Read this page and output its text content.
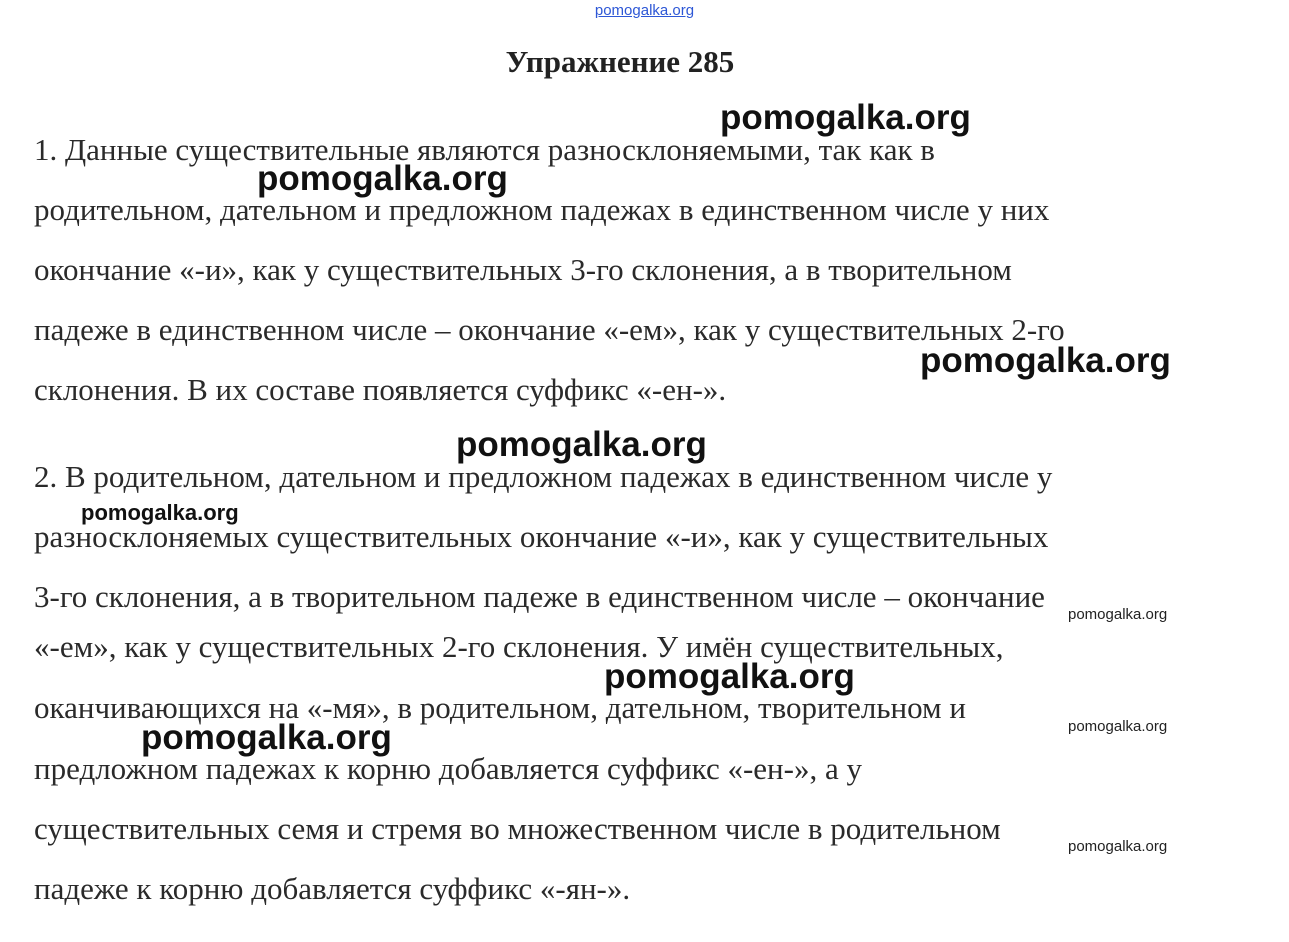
pomogalka.org
Упражнение 285
1. Данные существительные являются разносклоняемыми, так как в
родительном, дательном и предложном падежах в единственном числе у них
окончание «-и», как у существительных 3-го склонения, а в творительном
падеже в единственном числе – окончание «-ем», как у существительных 2-го
склонения. В их составе появляется суффикс «-ен-».
2. В родительном, дательном и предложном падежах в единственном числе у
разносклоняемых существительных окончание «-и», как у существительных
3-го склонения, а в творительном падеже в единственном числе – окончание
«-ем», как у существительных 2-го склонения. У имён существительных,
оканчивающихся на «-мя», в родительном, дательном, творительном и
предложном падежах к корню добавляется суффикс «-ен-», а у
существительных семя и стремя во множественном числе в родительном
падеже к корню добавляется суффикс «-ян-».
pomogalka.org
pomogalka.org
pomogalka.org
pomogalka.org
pomogalka.org
pomogalka.org
pomogalka.org
pomogalka.org	pomogalka.org
pomogalka.org
